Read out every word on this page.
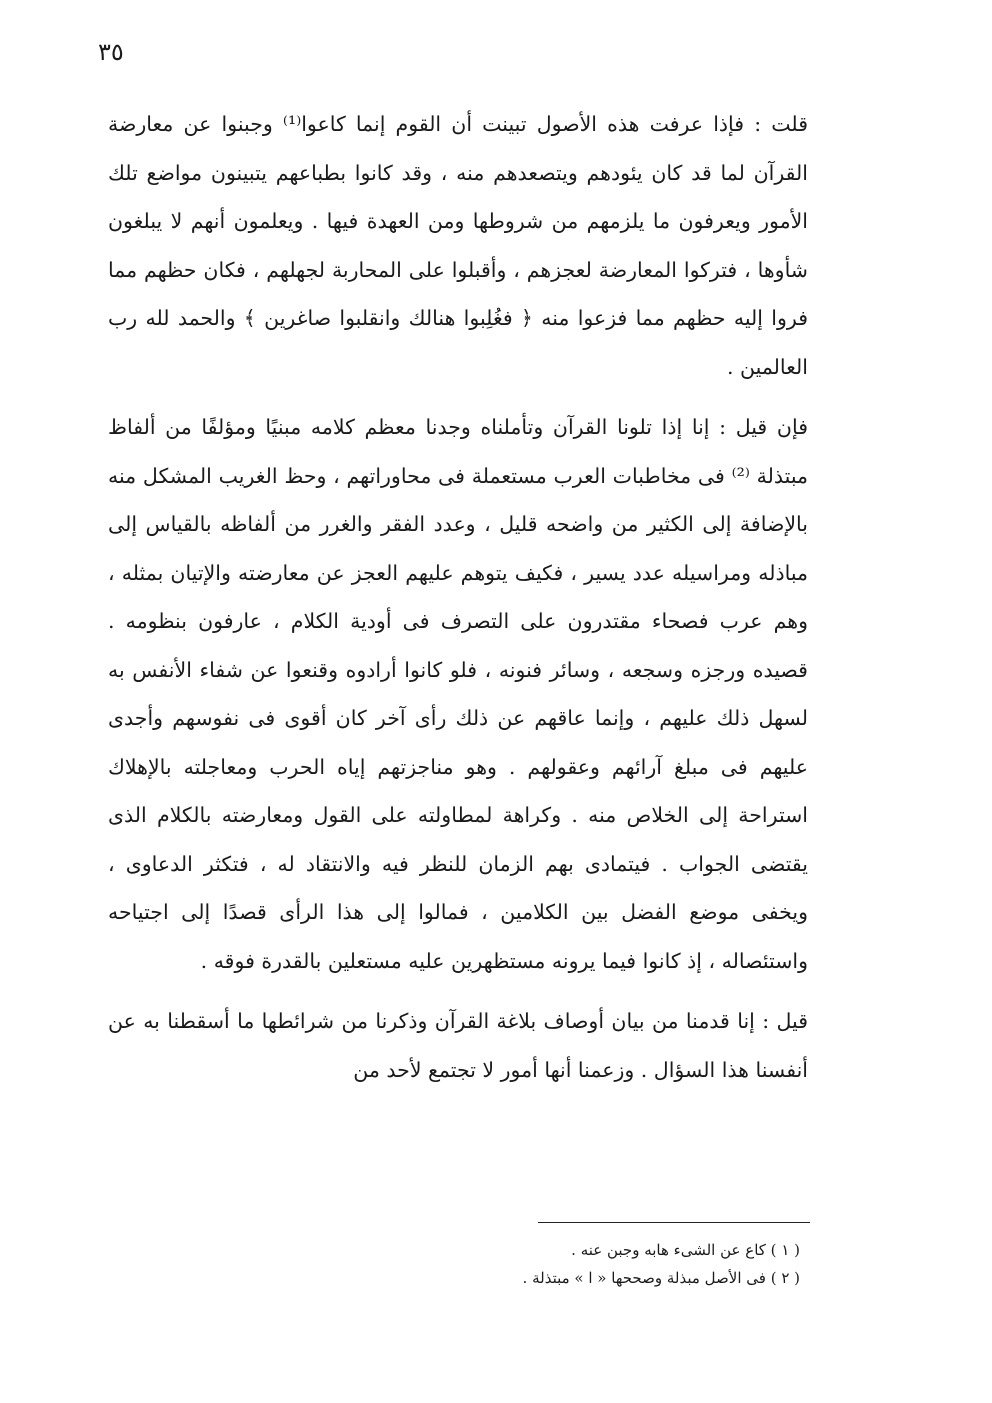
٣٥

قلت : فإذا عرفت هذه الأصول تبينت أن القوم إنما كاعوا⁽¹⁾ وجبنوا عن معارضة القرآن لما قد كان يئودهم ويتصعدهم منه ، وقد كانوا بطباعهم يتبينون مواضع تلك الأمور ويعرفون ما يلزمهم من شروطها ومن العهدة فيها . ويعلمون أنهم لا يبلغون شأوها ، فتركوا المعارضة لعجزهم ، وأقبلوا على المحاربة لجهلهم ، فكان حظهم مما فروا إليه حظهم مما فزعوا منه ﴿ فغُلِبوا هنالك وانقلبوا صاغرين ﴾ والحمد لله رب العالمين .

فإن قيل : إنا إذا تلونا القرآن وتأملناه وجدنا معظم كلامه مبنيًا ومؤلفًا من ألفاظ مبتذلة ⁽²⁾ فى مخاطبات العرب مستعملة فى محاوراتهم ، وحظ الغريب المشكل منه بالإضافة إلى الكثير من واضحه قليل ، وعدد الفقر والغرر من ألفاظه بالقياس إلى مباذله ومراسيله عدد يسير ، فكيف يتوهم عليهم العجز عن معارضته والإتيان بمثله ، وهم عرب فصحاء مقتدرون على التصرف فى أودية الكلام ، عارفون بنظومه . قصيده ورجزه وسجعه ، وسائر فنونه ، فلو كانوا أرادوه وقنعوا عن شفاء الأنفس به لسهل ذلك عليهم ، وإنما عاقهم عن ذلك رأى آخر كان أقوى فى نفوسهم وأجدى عليهم فى مبلغ آرائهم وعقولهم . وهو مناجزتهم إياه الحرب ومعاجلته بالإهلاك استراحة إلى الخلاص منه . وكراهة لمطاولته على القول ومعارضته بالكلام الذى يقتضى الجواب . فيتمادى بهم الزمان للنظر فيه والانتقاد له ، فتكثر الدعاوى ، ويخفى موضع الفضل بين الكلامين ، فمالوا إلى هذا الرأى قصدًا إلى اجتياحه واستئصاله ، إذ كانوا فيما يرونه مستظهرين عليه مستعلين بالقدرة فوقه .

قيل : إنا قدمنا من بيان أوصاف بلاغة القرآن وذكرنا من شرائطها ما أسقطنا به عن أنفسنا هذا السؤال . وزعمنا أنها أمور لا تجتمع لأحد من

( ١ ) كاع عن الشىء هابه وجبن عنه .

( ٢ ) فى الأصل مبذلة وصححها « ا » مبتذلة .
